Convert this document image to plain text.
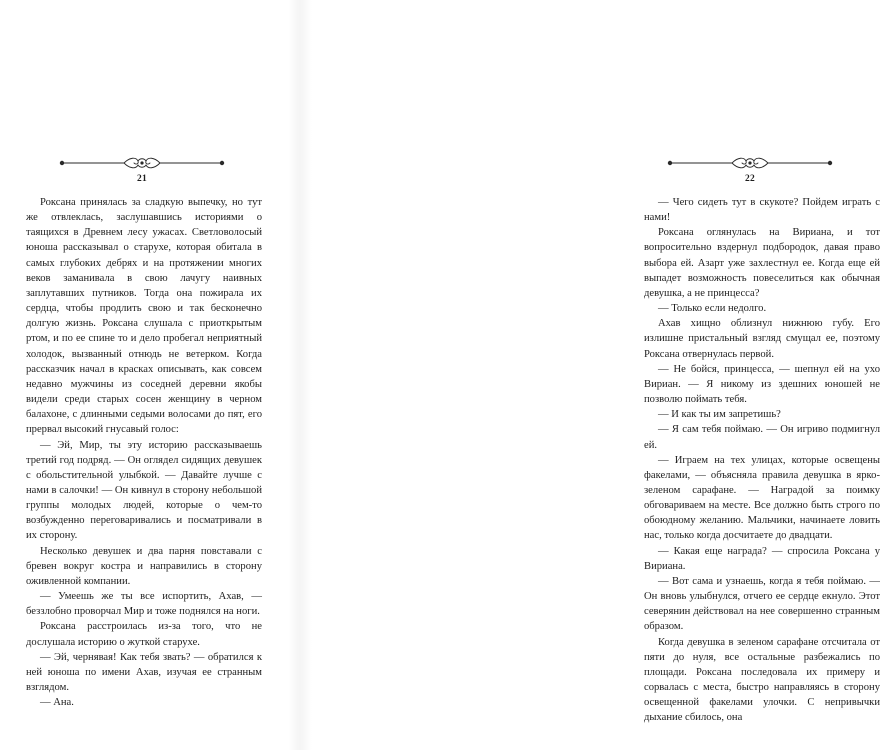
21

Роксана принялась за сладкую выпечку, но тут же отвлеклась, заслушавшись историями о таящихся в Древнем лесу ужасах. Светловолосый юноша рассказывал о старухе, которая обитала в самых глубоких дебрях и на протяжении многих веков заманивала в свою лачугу наивных заплутавших путников. Тогда она пожирала их сердца, чтобы продлить свою и так бесконечно долгую жизнь. Роксана слушала с приоткрытым ртом, и по ее спине то и дело пробегал неприятный холодок, вызванный отнюдь не ветерком. Когда рассказчик начал в красках описывать, как совсем недавно мужчины из соседней деревни якобы видели среди старых сосен женщину в черном балахоне, с длинными седыми волосами до пят, его прервал высокий гнусавый голос:

— Эй, Мир, ты эту историю рассказываешь третий год подряд. — Он оглядел сидящих девушек с обольстительной улыбкой. — Давайте лучше с нами в салочки! — Он кивнул в сторону небольшой группы молодых людей, которые о чем-то возбужденно переговаривались и посматривали в их сторону.

Несколько девушек и два парня повставали с бревен вокруг костра и направились в сторону оживленной компании.

— Умеешь же ты все испортить, Ахав, — беззлобно проворчал Мир и тоже поднялся на ноги.

Роксана расстроилась из-за того, что не дослушала историю о жуткой старухе.

— Эй, чернявая! Как тебя звать? — обратился к ней юноша по имени Ахав, изучая ее странным взглядом.

— Ана.

22

— Чего сидеть тут в скукоте? Пойдем играть с нами!

Роксана оглянулась на Вириана, и тот вопросительно вздернул подбородок, давая право выбора ей. Азарт уже захлестнул ее. Когда еще ей выпадет возможность повеселиться как обычная девушка, а не принцесса?

— Только если недолго.

Ахав хищно облизнул нижнюю губу. Его излишне пристальный взгляд смущал ее, поэтому Роксана отвернулась первой.

— Не бойся, принцесса, — шепнул ей на ухо Вириан. — Я никому из здешних юношей не позволю поймать тебя.

— И как ты им запретишь?

— Я сам тебя поймаю. — Он игриво подмигнул ей.

— Играем на тех улицах, которые освещены факелами, — объясняла правила девушка в ярко-зеленом сарафане. — Наградой за поимку обговариваем на месте. Все должно быть строго по обоюдному желанию. Мальчики, начинаете ловить нас, только когда досчитаете до двадцати.

— Какая еще награда? — спросила Роксана у Вириана.

— Вот сама и узнаешь, когда я тебя поймаю. — Он вновь улыбнулся, отчего ее сердце екнуло. Этот северянин действовал на нее совершенно странным образом.

Когда девушка в зеленом сарафане отсчитала от пяти до нуля, все остальные разбежались по площади. Роксана последовала их примеру и сорвалась с места, быстро направляясь в сторону освещенной факелами улочки. С непривычки дыхание сбилось, она
